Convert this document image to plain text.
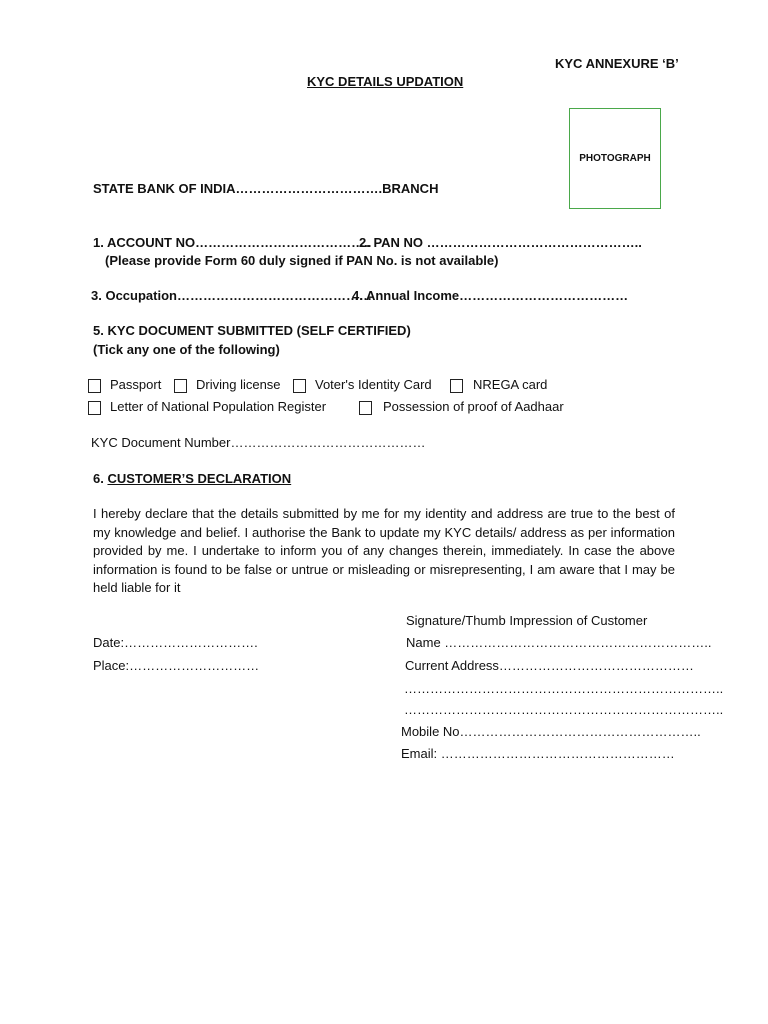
KYC ANNEXURE ‘B’
KYC DETAILS UPDATION
PHOTOGRAPH
STATE BANK OF INDIA…………………………….BRANCH
1. ACCOUNT NO…………………………………..
2. PAN NO …………………………………………..
(Please provide Form 60 duly signed if PAN No. is not available)
3. Occupation………………………………………
4. Annual Income…………………………………
5. KYC DOCUMENT SUBMITTED (SELF CERTIFIED)
(Tick any one of the following)
Passport	Driving license	Voter's Identity Card	NREGA card
Letter of National Population Register	Possession of proof of Aadhaar
KYC Document Number………………………………………
6. CUSTOMER’S DECLARATION
I hereby declare that the details submitted by me for my identity and address are true to the best of my knowledge and belief. I authorise the Bank to update my KYC details/ address as per information provided by me. I undertake to inform you of any changes therein, immediately. In case the above information is found to be false or untrue or misleading or misrepresenting, I am aware that I may be held liable for it
Signature/Thumb Impression of Customer
Date:………………………….	Name ……………………………………………………..
Place:…………………………	Current Address………………………………………
………………………………………………………………..
………………………………………………………………..
Mobile No………………………………………………..
Email: ………………………………………………
